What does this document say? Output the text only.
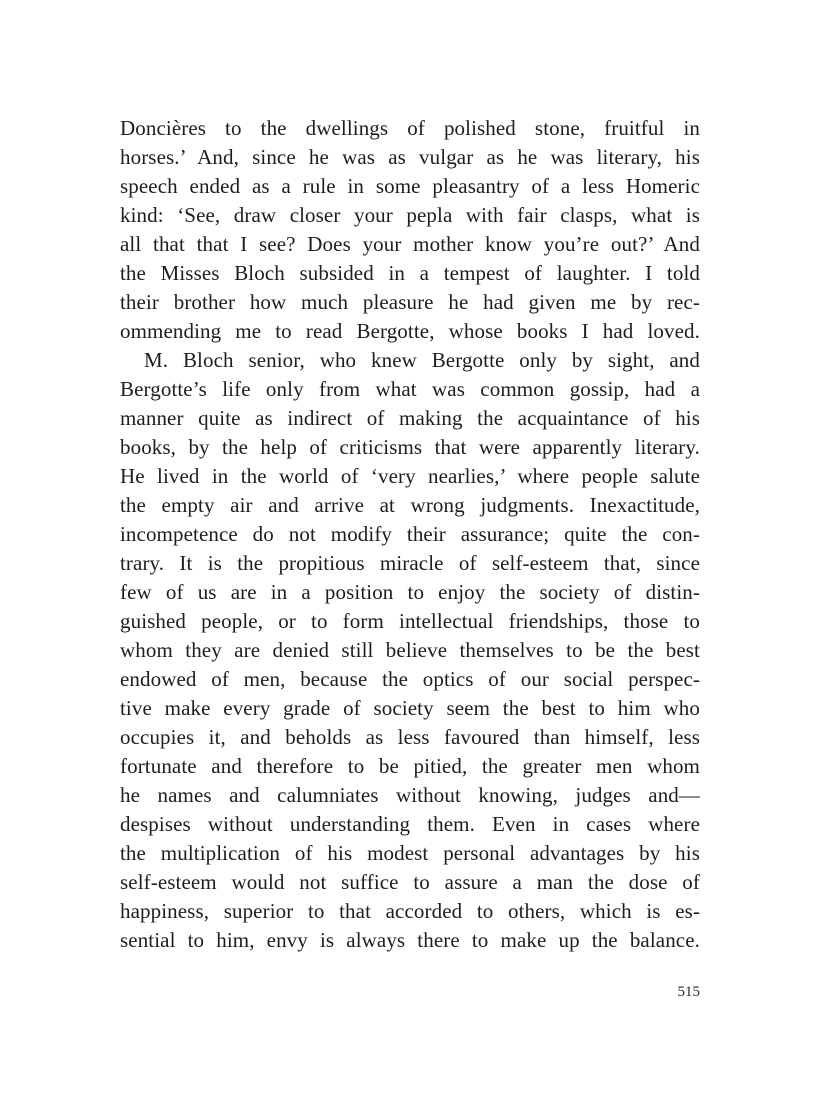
Doncières to the dwellings of polished stone, fruitful in
horses.’ And, since he was as vulgar as he was literary, his
speech ended as a rule in some pleasantry of a less Homeric
kind: ‘See, draw closer your pepla with fair clasps, what is
all that that I see? Does your mother know you’re out?’ And
the Misses Bloch subsided in a tempest of laughter. I told
their brother how much pleasure he had given me by rec-
ommending me to read Bergotte, whose books I had loved.
M. Bloch senior, who knew Bergotte only by sight, and
Bergotte’s life only from what was common gossip, had a
manner quite as indirect of making the acquaintance of his
books, by the help of criticisms that were apparently literary.
He lived in the world of ‘very nearlies,’ where people salute
the empty air and arrive at wrong judgments. Inexactitude,
incompetence do not modify their assurance; quite the con-
trary. It is the propitious miracle of self-esteem that, since
few of us are in a position to enjoy the society of distin-
guished people, or to form intellectual friendships, those to
whom they are denied still believe themselves to be the best
endowed of men, because the optics of our social perspec-
tive make every grade of society seem the best to him who
occupies it, and beholds as less favoured than himself, less
fortunate and therefore to be pitied, the greater men whom
he names and calumniates without knowing, judges and—
despises without understanding them. Even in cases where
the multiplication of his modest personal advantages by his
self-esteem would not suffice to assure a man the dose of
happiness, superior to that accorded to others, which is es-
sential to him, envy is always there to make up the balance.
515
